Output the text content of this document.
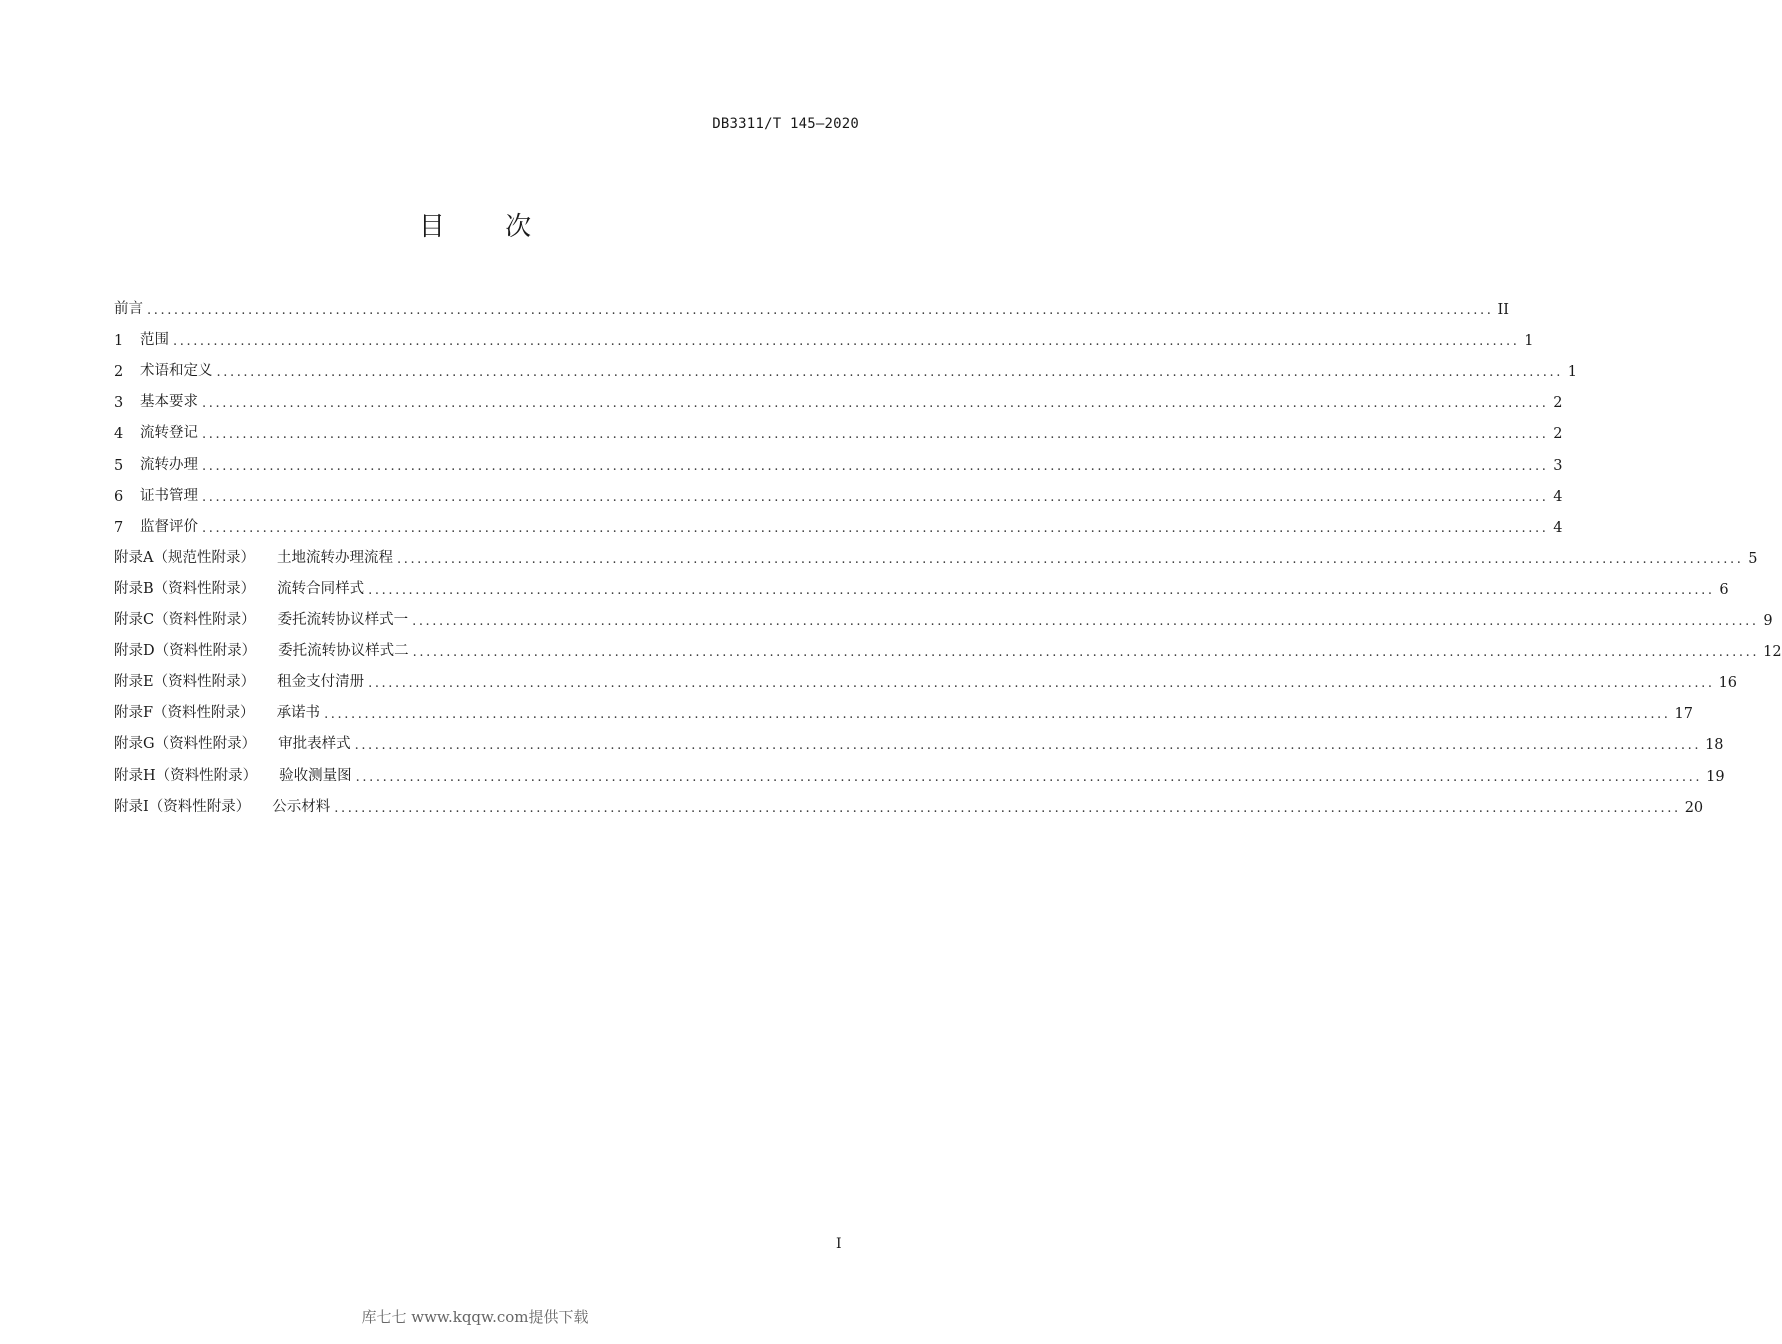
DB3311/T 145—2020
目 次
前言 ........................................................................................................................................................................................................ II
1	范围 ........................................................................................................................................................................................................ 1
2	术语和定义 ........................................................................................................................................................................................................ 1
3	基本要求 ........................................................................................................................................................................................................ 2
4	流转登记 ........................................................................................................................................................................................................ 2
5	流转办理 ........................................................................................................................................................................................................ 3
6	证书管理 ........................................................................................................................................................................................................ 4
7	监督评价 ........................................................................................................................................................................................................ 4
附录A（规范性附录） 土地流转办理流程 ........................................................................................................................................................................................................ 5
附录B（资料性附录） 流转合同样式 ........................................................................................................................................................................................................ 6
附录C（资料性附录） 委托流转协议样式一 ........................................................................................................................................................................................................ 9
附录D（资料性附录） 委托流转协议样式二 ........................................................................................................................................................................................................ 12
附录E（资料性附录） 租金支付清册 ........................................................................................................................................................................................................ 16
附录F（资料性附录） 承诺书 ........................................................................................................................................................................................................ 17
附录G（资料性附录） 审批表样式 ........................................................................................................................................................................................................ 18
附录H（资料性附录） 验收测量图 ........................................................................................................................................................................................................ 19
附录I（资料性附录） 公示材料 ........................................................................................................................................................................................................ 20
I
库七七 www.kqqw.com提供下载
